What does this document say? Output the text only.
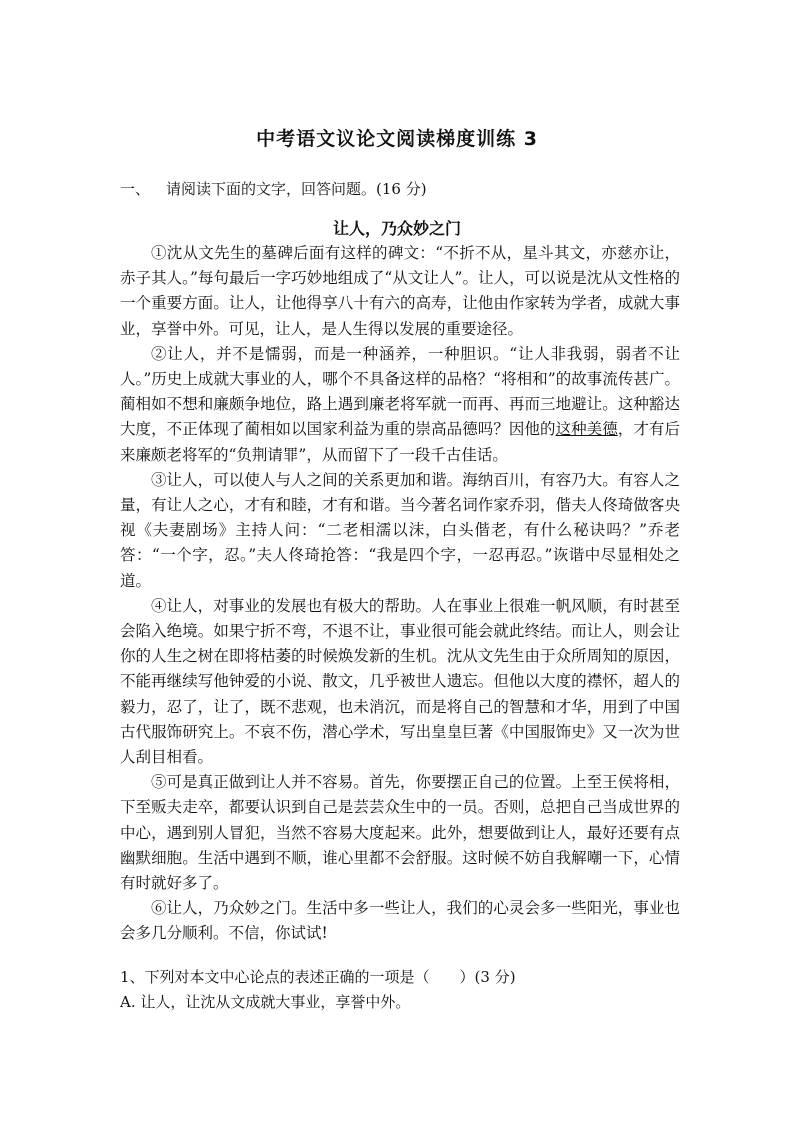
中考语文议论文阅读梯度训练 3
一、 请阅读下面的文字，回答问题。(16 分)
让人，乃众妙之门

①沈从文先生的墓碑后面有这样的碑文：“不折不从，星斗其文，亦慈亦让，赤子其人。”每句最后一字巧妙地组成了“从文让人”。让人，可以说是沈从文性格的一个重要方面。让人，让他得享八十有六的高寿，让他由作家转为学者，成就大事业，享誉中外。可见，让人，是人生得以发展的重要途径。

②让人，并不是懦弱，而是一种涵养，一种胆识。“让人非我弱，弱者不让人。”历史上成就大事业的人，哪个不具备这样的品格？“将相和”的故事流传甚广。蔺相如不想和廉颇争地位，路上遇到廉老将军就一而再、再而三地避让。这种豁达大度，不正体现了蔺相如以国家利益为重的崇高品德吗？因他的这种美德，才有后来廉颇老将军的“负荆请罪”，从而留下了一段千古佳话。

③让人，可以使人与人之间的关系更加和谐。海纳百川，有容乃大。有容人之量，有让人之心，才有和睦，才有和谐。当今著名词作家乔羽，偕夫人佟琦做客央视《夫妻剧场》主持人问：“二老相濡以沫，白头偕老，有什么秘诀吗？”乔老答：“一个字，忍。”夫人佟琦抢答：“我是四个字，一忍再忍。”诙谐中尽显相处之道。

④让人，对事业的发展也有极大的帮助。人在事业上很难一帆风顺，有时甚至会陷入绝境。如果宁折不弯，不退不让，事业很可能会就此终结。而让人，则会让你的人生之树在即将枯萎的时候焕发新的生机。沈从文先生由于众所周知的原因，不能再继续写他钟爱的小说、散文，几乎被世人遗忘。但他以大度的襟怀，超人的毅力，忍了，让了，既不悲观，也未消沉，而是将自己的智慧和才华，用到了中国古代服饰研究上。不哀不伤，潜心学术，写出皇皇巨著《中国服饰史》又一次为世人刮目相看。

⑤可是真正做到让人并不容易。首先，你要摆正自己的位置。上至王侯将相，下至贩夫走卒，都要认识到自己是芸芸众生中的一员。否则，总把自己当成世界的中心，遇到别人冒犯，当然不容易大度起来。此外，想要做到让人，最好还要有点幽默细胞。生活中遇到不顺，谁心里都不会舒服。这时候不妨自我解嘲一下，心情有时就好多了。

⑥让人，乃众妙之门。生活中多一些让人，我们的心灵会多一些阳光，事业也会多几分顺利。不信，你试试!

1、下列对本文中心论点的表述正确的一项是（　　）(3 分)
A. 让人，让沈从文成就大事业，享誉中外。
